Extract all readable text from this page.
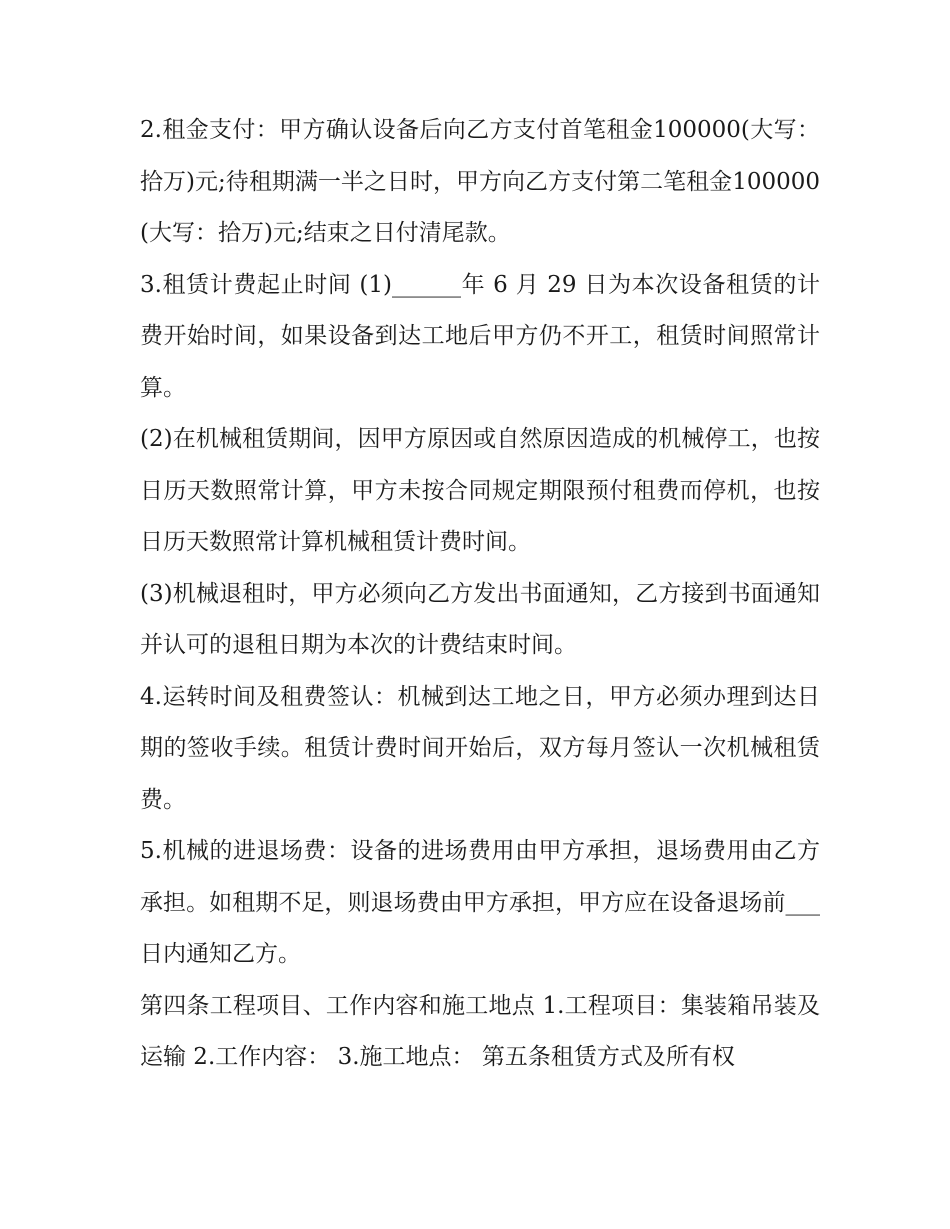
2.租金支付：甲方确认设备后向乙方支付首笔租金100000(大写：拾万)元;待租期满一半之日时，甲方向乙方支付第二笔租金100000(大写：拾万)元;结束之日付清尾款。

3.租赁计费起止时间 (1)______年 6 月 29 日为本次设备租赁的计费开始时间，如果设备到达工地后甲方仍不开工，租赁时间照常计算。

(2)在机械租赁期间，因甲方原因或自然原因造成的机械停工，也按日历天数照常计算，甲方未按合同规定期限预付租费而停机，也按日历天数照常计算机械租赁计费时间。

(3)机械退租时，甲方必须向乙方发出书面通知，乙方接到书面通知并认可的退租日期为本次的计费结束时间。

4.运转时间及租费签认：机械到达工地之日，甲方必须办理到达日期的签收手续。租赁计费时间开始后，双方每月签认一次机械租赁费。

5.机械的进退场费：设备的进场费用由甲方承担，退场费用由乙方承担。如租期不足，则退场费由甲方承担，甲方应在设备退场前___日内通知乙方。

第四条工程项目、工作内容和施工地点 1.工程项目：集装箱吊装及运输 2.工作内容： 3.施工地点： 第五条租赁方式及所有权
